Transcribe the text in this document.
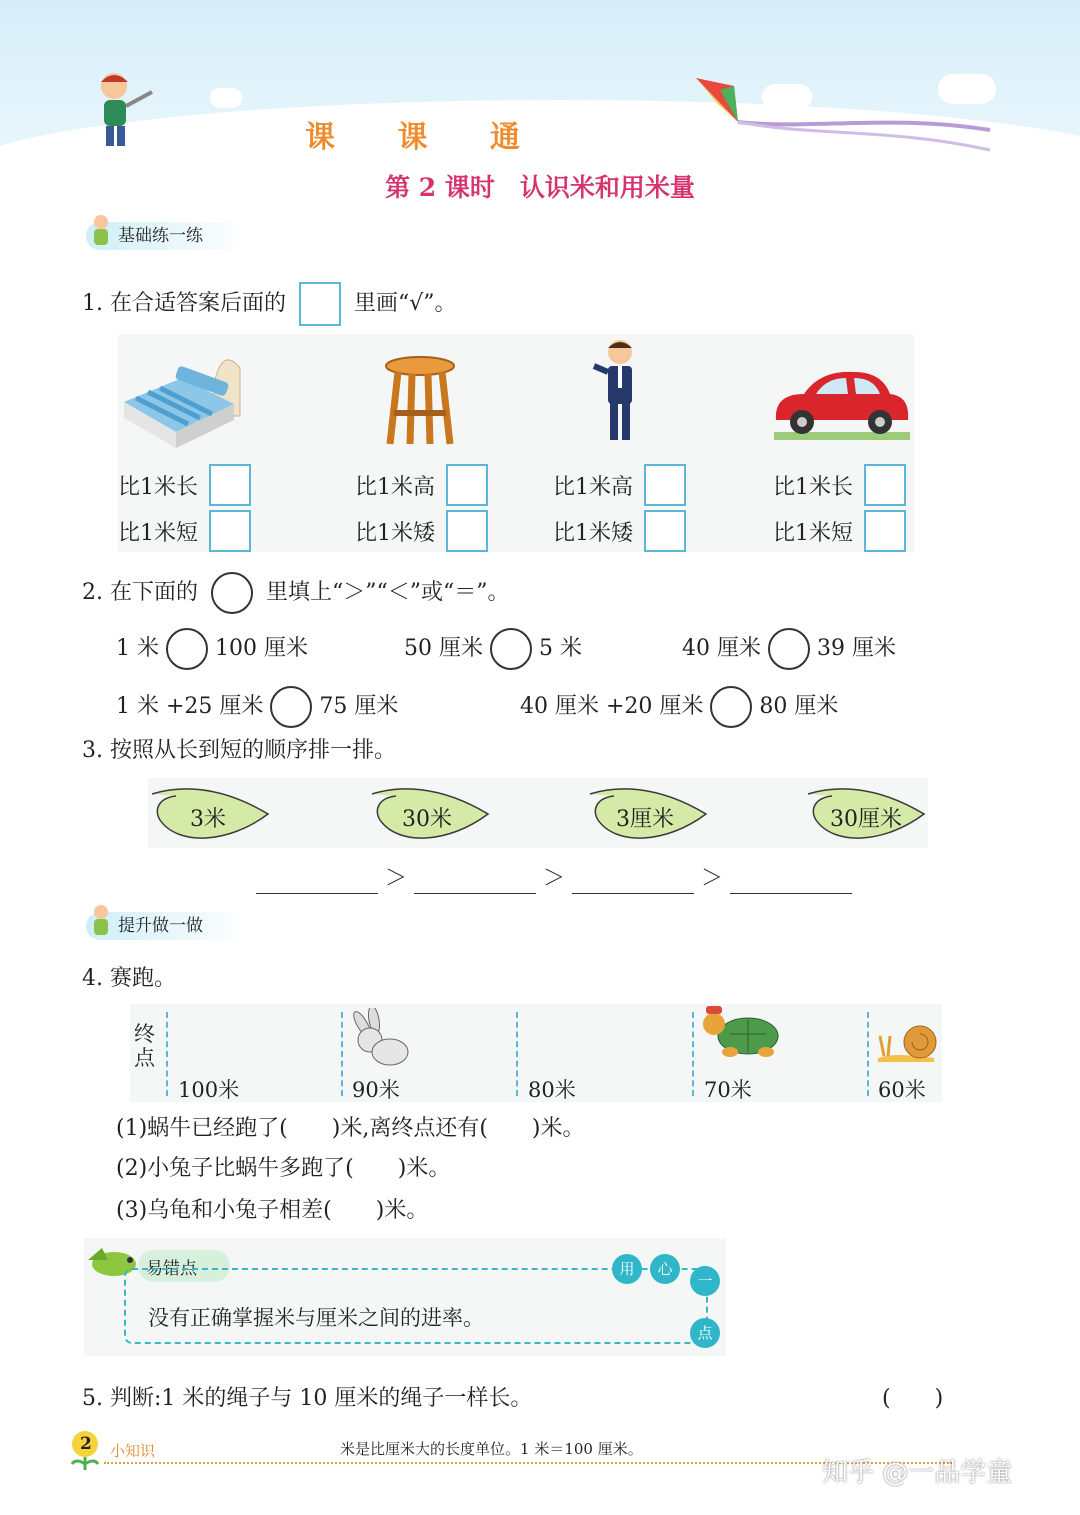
课 课 通
第 2 课时　认识米和用米量
基础练一练
1. 在合适答案后面的	里画“√”。
比1米长
比1米短
比1米高
比1米矮
比1米高
比1米矮
比1米长
比1米短
2. 在下面的	里填上“＞”“＜”或“＝”。
1 米	100 厘米	50 厘米	5 米	40 厘米	39 厘米
1 米 +25 厘米	75 厘米	40 厘米 +20 厘米	80 厘米
3. 按照从长到短的顺序排一排。
3米	30米	3厘米	30厘米
＞	＞	＞
提升做一做
4. 赛跑。
终点
100米	90米	80米	70米	60米
(1)蜗牛已经跑了(　　)米,离终点还有(　　)米。
(2)小兔子比蜗牛多跑了(　　)米。
(3)乌龟和小兔子相差(　　)米。
易错点
没有正确掌握米与厘米之间的进率。
用	心
一
点
5. 判断:1 米的绳子与 10 厘米的绳子一样长。	(　　)
2 小知识	米是比厘米大的长度单位。1 米＝100 厘米。
知乎 @一品学童
